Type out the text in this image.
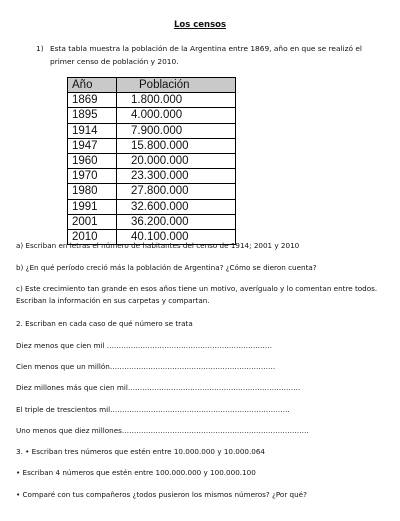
Los censos
1) Esta tabla muestra la población de la Argentina entre 1869, año en que se realizó el primer censo de población y 2010.
Año	Población
1869	1.800.000
1895	4.000.000
1914	7.900.000
1947	15.800.000
1960	20.000.000
1970	23.300.000
1980	27.800.000
1991	32.600.000
2001	36.200.000
2010	40.100.000
a) Escriban en letras el número de habitantes del censo de 1914; 2001 y 2010
b) ¿En qué período creció más la población de Argentina? ¿Cómo se dieron cuenta?
c) Este crecimiento tan grande en esos años tiene un motivo, averígualo y lo comentan entre todos. Escriban la información en sus carpetas y compartan.
2. Escriban en cada caso de qué número se trata
Diez menos que cien mil ……………………………………………………………
Cien menos que un millón……………………………………………………………
Diez millones más que cien mil………………………………………………………………
El triple de trescientos mil…………………………………………………………………
Uno menos que diez millones……………………………………………………………………
3. • Escriban tres números que estén entre 10.000.000 y 10.000.064
• Escriban 4 números que estén entre 100.000.000 y 100.000.100
• Comparé con tus compañeros ¿todos pusieron los mismos números? ¿Por qué?
